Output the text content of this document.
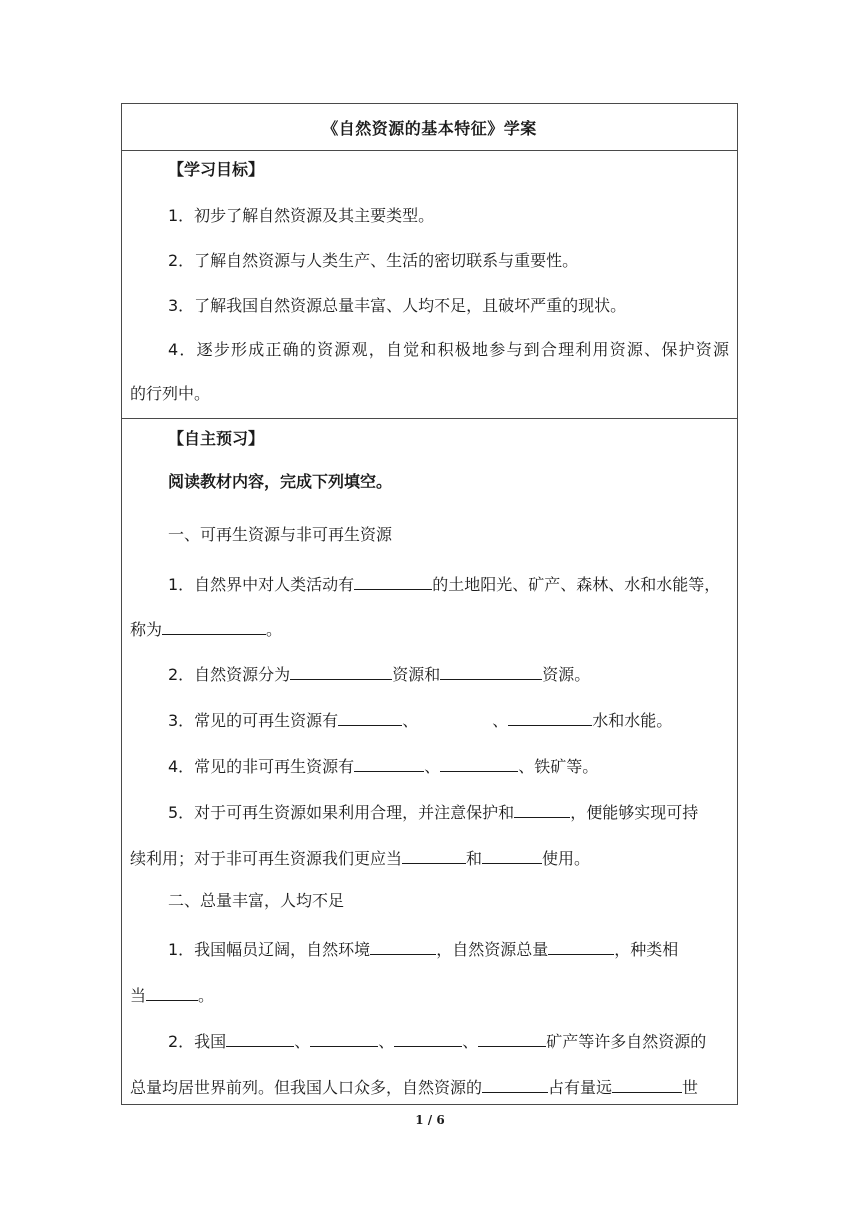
《自然资源的基本特征》学案
【学习目标】
1．初步了解自然资源及其主要类型。
2．了解自然资源与人类生产、生活的密切联系与重要性。
3．了解我国自然资源总量丰富、人均不足，且破坏严重的现状。
4．逐步形成正确的资源观，自觉和积极地参与到合理利用资源、保护资源
的行列中。
【自主预习】
阅读教材内容，完成下列填空。
一、可再生资源与非可再生资源
1．自然界中对人类活动有	的土地阳光、矿产、森林、水和水能等，
称为	。
2．自然资源分为	资源和	资源。
3．常见的可再生资源有	、	、	水和水能。
4．常见的非可再生资源有	、	、铁矿等。
5．对于可再生资源如果利用合理，并注意保护和	，便能够实现可持
续利用；对于非可再生资源我们更应当	和	使用。
二、总量丰富，人均不足
1．我国幅员辽阔，自然环境	，自然资源总量	，种类相
当	。
2．我国	、	、	、	矿产等许多自然资源的
总量均居世界前列。但我国人口众多，自然资源的	占有量远	世
1 / 6
